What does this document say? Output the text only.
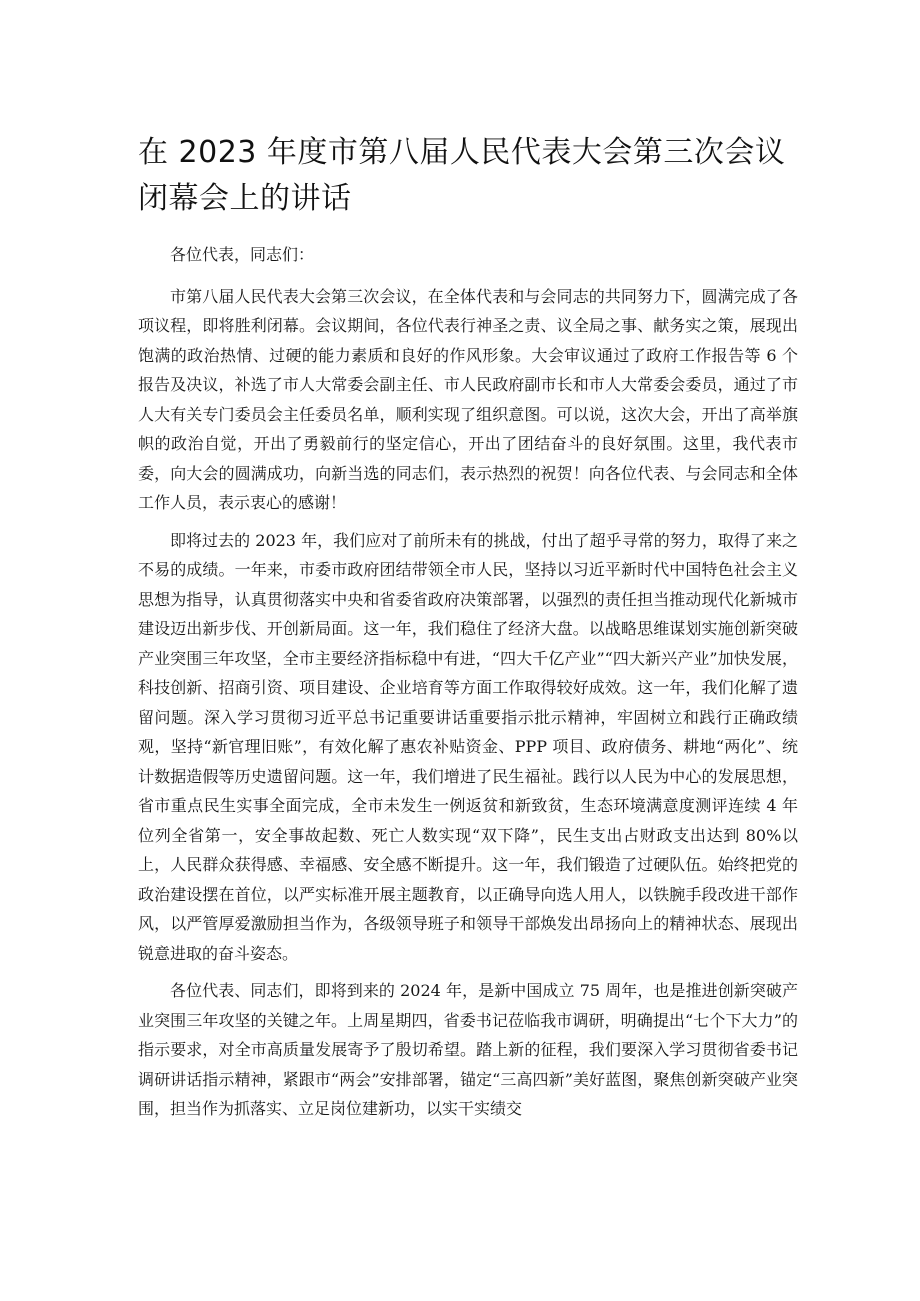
在 2023 年度市第八届人民代表大会第三次会议闭幕会上的讲话

各位代表，同志们：

市第八届人民代表大会第三次会议，在全体代表和与会同志的共同努力下，圆满完成了各项议程，即将胜利闭幕。会议期间，各位代表行神圣之责、议全局之事、献务实之策，展现出饱满的政治热情、过硬的能力素质和良好的作风形象。大会审议通过了政府工作报告等 6 个报告及决议，补选了市人大常委会副主任、市人民政府副市长和市人大常委会委员，通过了市人大有关专门委员会主任委员名单，顺利实现了组织意图。可以说，这次大会，开出了高举旗帜的政治自觉，开出了勇毅前行的坚定信心，开出了团结奋斗的良好氛围。这里，我代表市委，向大会的圆满成功，向新当选的同志们，表示热烈的祝贺！向各位代表、与会同志和全体工作人员，表示衷心的感谢！

即将过去的 2023 年，我们应对了前所未有的挑战，付出了超乎寻常的努力，取得了来之不易的成绩。一年来，市委市政府团结带领全市人民，坚持以习近平新时代中国特色社会主义思想为指导，认真贯彻落实中央和省委省政府决策部署，以强烈的责任担当推动现代化新城市建设迈出新步伐、开创新局面。这一年，我们稳住了经济大盘。以战略思维谋划实施创新突破产业突围三年攻坚，全市主要经济指标稳中有进，“四大千亿产业”“四大新兴产业”加快发展，科技创新、招商引资、项目建设、企业培育等方面工作取得较好成效。这一年，我们化解了遗留问题。深入学习贯彻习近平总书记重要讲话重要指示批示精神，牢固树立和践行正确政绩观，坚持“新官理旧账”，有效化解了惠农补贴资金、PPP 项目、政府债务、耕地“两化”、统计数据造假等历史遗留问题。这一年，我们增进了民生福祉。践行以人民为中心的发展思想，省市重点民生实事全面完成，全市未发生一例返贫和新致贫，生态环境满意度测评连续 4 年位列全省第一，安全事故起数、死亡人数实现“双下降”，民生支出占财政支出达到 80%以上，人民群众获得感、幸福感、安全感不断提升。这一年，我们锻造了过硬队伍。始终把党的政治建设摆在首位，以严实标准开展主题教育，以正确导向选人用人，以铁腕手段改进干部作风，以严管厚爱激励担当作为，各级领导班子和领导干部焕发出昂扬向上的精神状态、展现出锐意进取的奋斗姿态。

各位代表、同志们，即将到来的 2024 年，是新中国成立 75 周年，也是推进创新突破产业突围三年攻坚的关键之年。上周星期四，省委书记莅临我市调研，明确提出“七个下大力”的指示要求，对全市高质量发展寄予了殷切希望。踏上新的征程，我们要深入学习贯彻省委书记调研讲话指示精神，紧跟市“两会”安排部署，锚定“三高四新”美好蓝图，聚焦创新突破产业突围，担当作为抓落实、立足岗位建新功，以实干实绩交
